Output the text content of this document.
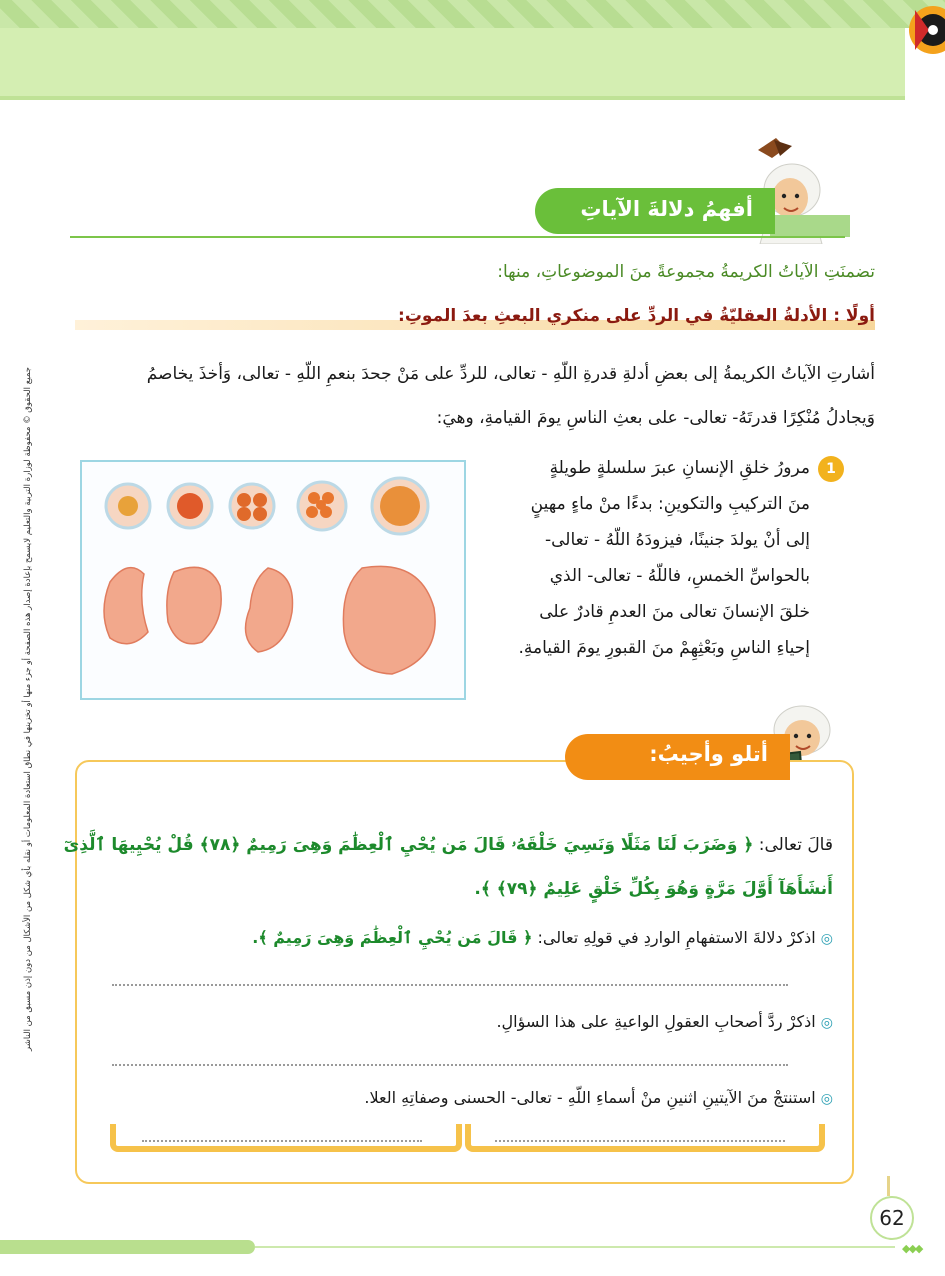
جميع الحقوق © محفوظة لوزارة التربية والتعليم لايسمح بإعادة إصدار هذه الصفحة أو جزء منها أو تخزينها في نطاق استعادة المعلومات أو نقله بأي شكل من الأشكال من دون إذن مسبق من الناشر
أفهمُ دلالةَ الآياتِ
تضمنَتِ الآياتُ الكريمةُ مجموعةً منَ الموضوعاتِ، منها:
أولًا : الأدلةُ العقليّةُ في الردِّ على منكري البعثِ بعدَ الموتِ:
أشارتِ الآياتُ الكريمةُ إلى بعضِ أدلةِ قدرةِ اللّهِ - تعالى، للردِّ على مَنْ جحدَ بنعمِ اللّهِ - تعالى، وَأخذَ يخاصمُ
وَيجادلُ مُنْكِرًا قدرتَهُ- تعالى- على بعثِ الناسِ يومَ القيامةِ، وهيَ:
1
مرورُ خلقِ الإنسانِ عبرَ سلسلةٍ طويلةٍ
منَ التركيبِ والتكوينِ: بدءًا منْ ماءٍ مهينٍ
إلى أنْ يولدَ جنينًا، فيزودَهُ اللّهُ - تعالى-
بالحواسِّ الخمسِ، فاللّهُ - تعالى- الذي
خلقَ الإنسانَ تعالى منَ العدمِ قادرٌ على
إحياءِ الناسِ وبَعْثِهِمْ منَ القبورِ يومَ القيامةِ.
أتلو وأجيبُ:
قالَ تعالى: ﴿ وَضَرَبَ لَنَا مَثَلًا وَنَسِيَ خَلْقَهُۥ قَالَ مَن يُحْيِ ٱلْعِظَٰمَ وَهِىَ رَمِيمٌ ﴿٧٨﴾ قُلْ يُحْيِيهَا ٱلَّذِىٓ
أَنشَأَهَآ أَوَّلَ مَرَّةٍ وَهُوَ بِكُلِّ خَلْقٍ عَلِيمٌ ﴿٧٩﴾ ﴾.
◎ اذكرْ دلالةَ الاستفهامِ الواردِ في قولِهِ تعالى: ﴿ قَالَ مَن يُحْيِ ٱلْعِظَٰمَ وَهِىَ رَمِيمٌ ﴾.
◎ اذكرْ ردَّ أصحابِ العقولِ الواعيةِ على هذا السؤالِ.
◎ استنتجْ منَ الآيتينِ اثنينِ منْ أسماءِ اللّهِ - تعالى- الحسنى وصفاتِهِ العلا.
62
◆◆◆
